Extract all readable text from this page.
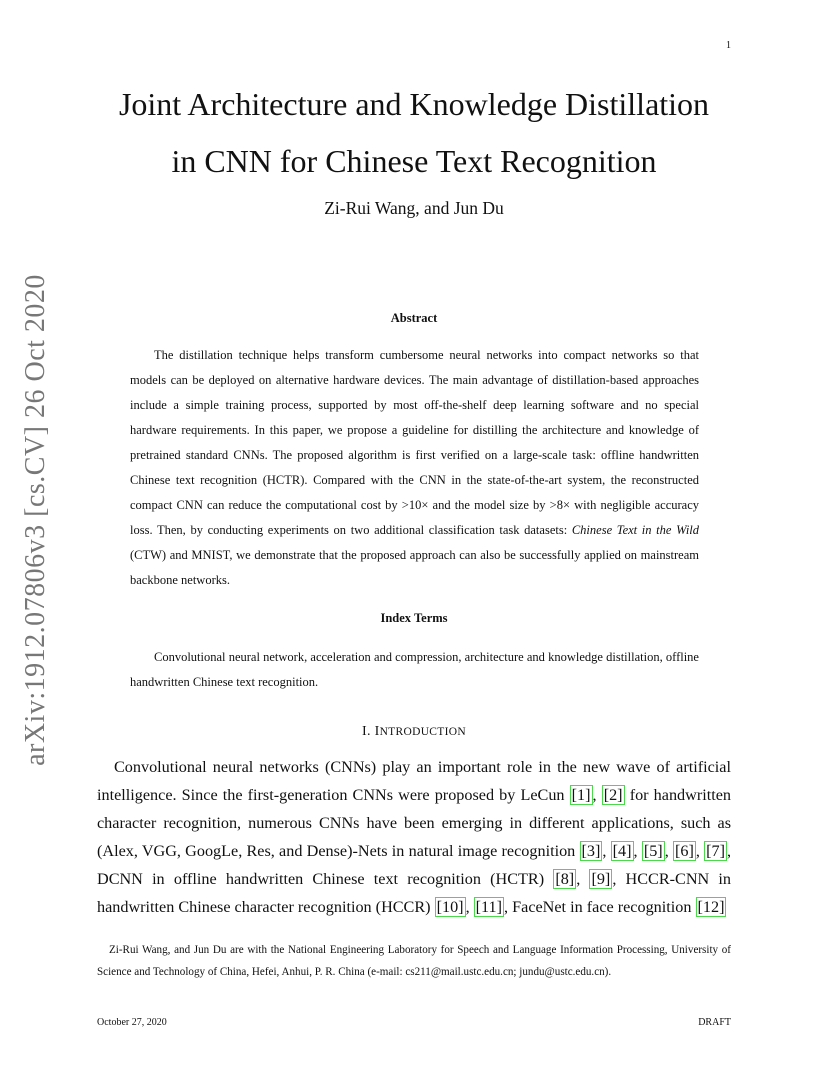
1
arXiv:1912.07806v3 [cs.CV] 26 Oct 2020
Joint Architecture and Knowledge Distillation
in CNN for Chinese Text Recognition
Zi-Rui Wang, and Jun Du
Abstract

The distillation technique helps transform cumbersome neural networks into compact networks so that models can be deployed on alternative hardware devices. The main advantage of distillation-based approaches include a simple training process, supported by most off-the-shelf deep learning software and no special hardware requirements. In this paper, we propose a guideline for distilling the architecture and knowledge of pretrained standard CNNs. The proposed algorithm is first verified on a large-scale task: offline handwritten Chinese text recognition (HCTR). Compared with the CNN in the state-of-the-art system, the reconstructed compact CNN can reduce the computational cost by >10× and the model size by >8× with negligible accuracy loss. Then, by conducting experiments on two additional classification task datasets: Chinese Text in the Wild (CTW) and MNIST, we demonstrate that the proposed approach can also be successfully applied on mainstream backbone networks.

Index Terms

Convolutional neural network, acceleration and compression, architecture and knowledge distillation, offline handwritten Chinese text recognition.

I. INTRODUCTION

Convolutional neural networks (CNNs) play an important role in the new wave of artificial intelligence. Since the first-generation CNNs were proposed by LeCun [1] , [2] for handwritten character recognition, numerous CNNs have been emerging in different applications, such as (Alex, VGG, GoogLe, Res, and Dense)-Nets in natural image recognition [3] , [4] , [5] , [6] , [7] , DCNN in offline handwritten Chinese text recognition (HCTR) [8] , [9] , HCCR-CNN in handwritten Chinese character recognition (HCCR) [10] , [11] , FaceNet in face recognition [12]

Zi-Rui Wang, and Jun Du are with the National Engineering Laboratory for Speech and Language Information Processing, University of Science and Technology of China, Hefei, Anhui, P. R. China (e-mail: cs211@mail.ustc.edu.cn; jundu@ustc.edu.cn).

October 27, 2020	DRAFT
